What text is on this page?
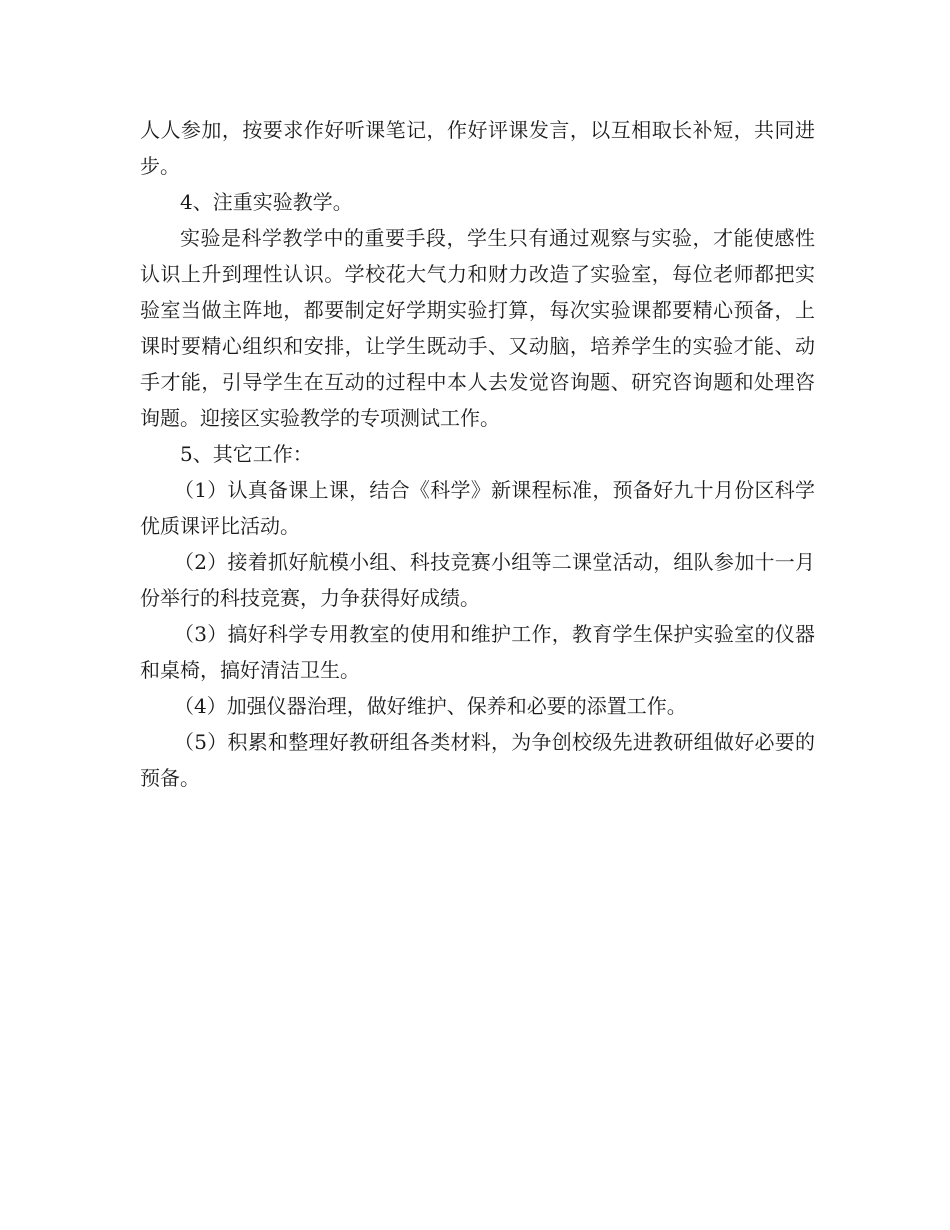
人人参加，按要求作好听课笔记，作好评课发言，以互相取长补短，共同进步。

4、注重实验教学。

实验是科学教学中的重要手段，学生只有通过观察与实验，才能使感性认识上升到理性认识。学校花大气力和财力改造了实验室，每位老师都把实验室当做主阵地，都要制定好学期实验打算，每次实验课都要精心预备，上课时要精心组织和安排，让学生既动手、又动脑，培养学生的实验才能、动手才能，引导学生在互动的过程中本人去发觉咨询题、研究咨询题和处理咨询题。迎接区实验教学的专项测试工作。

5、其它工作：

（1）认真备课上课，结合《科学》新课程标准，预备好九十月份区科学优质课评比活动。

（2）接着抓好航模小组、科技竞赛小组等二课堂活动，组队参加十一月份举行的科技竞赛，力争获得好成绩。

（3）搞好科学专用教室的使用和维护工作，教育学生保护实验室的仪器和桌椅，搞好清洁卫生。

（4）加强仪器治理，做好维护、保养和必要的添置工作。

（5）积累和整理好教研组各类材料，为争创校级先进教研组做好必要的预备。
